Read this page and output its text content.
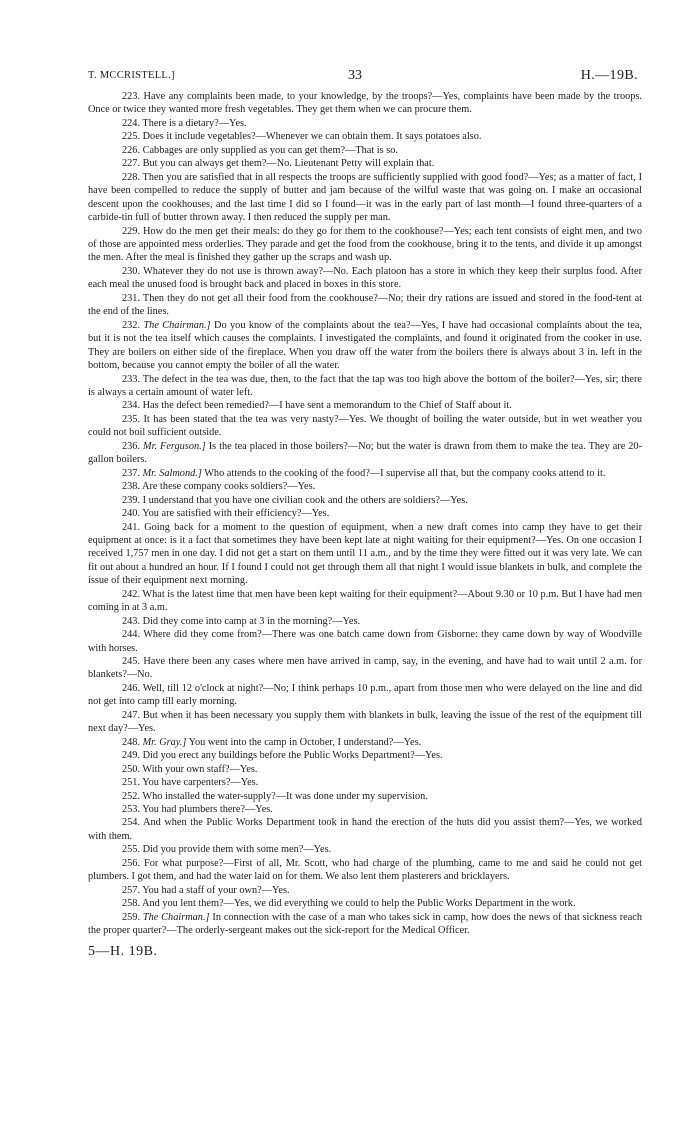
T. MCCRISTELL.]	33	H.—19B.

223. Have any complaints been made, to your knowledge, by the troops?—Yes, complaints have been made by the troops. Once or twice they wanted more fresh vegetables. They get them when we can procure them.

224. There is a dietary?—Yes.

225. Does it include vegetables?—Whenever we can obtain them. It says potatoes also.

226. Cabbages are only supplied as you can get them?—That is so.

227. But you can always get them?—No. Lieutenant Petty will explain that.

228. Then you are satisfied that in all respects the troops are sufficiently supplied with good food?—Yes; as a matter of fact, I have been compelled to reduce the supply of butter and jam because of the wilful waste that was going on. I make an occasional descent upon the cookhouses, and the last time I did so I found—it was in the early part of last month—I found three-quarters of a carbide-tin full of butter thrown away. I then reduced the supply per man.

229. How do the men get their meals: do they go for them to the cookhouse?—Yes; each tent consists of eight men, and two of those are appointed mess orderlies. They parade and get the food from the cookhouse, bring it to the tents, and divide it up amongst the men. After the meal is finished they gather up the scraps and wash up.

230. Whatever they do not use is thrown away?—No. Each platoon has a store in which they keep their surplus food. After each meal the unused food is brought back and placed in boxes in this store.

231. Then they do not get all their food from the cookhouse?—No; their dry rations are issued and stored in the food-tent at the end of the lines.

232. The Chairman.] Do you know of the complaints about the tea?—Yes, I have had occasional complaints about the tea, but it is not the tea itself which causes the complaints. I investigated the complaints, and found it originated from the cooker in use. They are boilers on either side of the fireplace. When you draw off the water from the boilers there is always about 3 in. left in the bottom, because you cannot empty the boiler of all the water.

233. The defect in the tea was due, then, to the fact that the tap was too high above the bottom of the boiler?—Yes, sir; there is always a certain amount of water left.

234. Has the defect been remedied?—I have sent a memorandum to the Chief of Staff about it.

235. It has been stated that the tea was very nasty?—Yes. We thought of boiling the water outside, but in wet weather you could not boil sufficient outside.

236. Mr. Ferguson.] Is the tea placed in those boilers?—No; but the water is drawn from them to make the tea. They are 20-gallon boilers.

237. Mr. Salmond.] Who attends to the cooking of the food?—I supervise all that, but the company cooks attend to it.

238. Are these company cooks soldiers?—Yes.

239. I understand that you have one civilian cook and the others are soldiers?—Yes.

240. You are satisfied with their efficiency?—Yes.

241. Going back for a moment to the question of equipment, when a new draft comes into camp they have to get their equipment at once: is it a fact that sometimes they have been kept late at night waiting for their equipment?—Yes. On one occasion I received 1,757 men in one day. I did not get a start on them until 11 a.m., and by the time they were fitted out it was very late. We can fit out about a hundred an hour. If I found I could not get through them all that night I would issue blankets in bulk, and complete the issue of their equipment next morning.

242. What is the latest time that men have been kept waiting for their equipment?—About 9.30 or 10 p.m. But I have had men coming in at 3 a.m.

243. Did they come into camp at 3 in the morning?—Yes.

244. Where did they come from?—There was one batch came down from Gisborne: they came down by way of Woodville with horses.

245. Have there been any cases where men have arrived in camp, say, in the evening, and have had to wait until 2 a.m. for blankets?—No.

246. Well, till 12 o'clock at night?—No; I think perhaps 10 p.m., apart from those men who were delayed on the line and did not get into camp till early morning.

247. But when it has been necessary you supply them with blankets in bulk, leaving the issue of the rest of the equipment till next day?—Yes.

248. Mr. Gray.] You went into the camp in October, I understand?—Yes.

249. Did you erect any buildings before the Public Works Department?—Yes.

250. With your own staff?—Yes.

251. You have carpenters?—Yes.

252. Who installed the water-supply?—It was done under my supervision.

253. You had plumbers there?—Yes.

254. And when the Public Works Department took in hand the erection of the huts did you assist them?—Yes, we worked with them.

255. Did you provide them with some men?—Yes.

256. For what purpose?—First of all, Mr. Scott, who had charge of the plumbing, came to me and said he could not get plumbers. I got them, and had the water laid on for them. We also lent them plasterers and bricklayers.

257. You had a staff of your own?—Yes.

258. And you lent them?—Yes, we did everything we could to help the Public Works Department in the work.

259. The Chairman.] In connection with the case of a man who takes sick in camp, how does the news of that sickness reach the proper quarter?—The orderly-sergeant makes out the sick-report for the Medical Officer.

5—H. 19B.
